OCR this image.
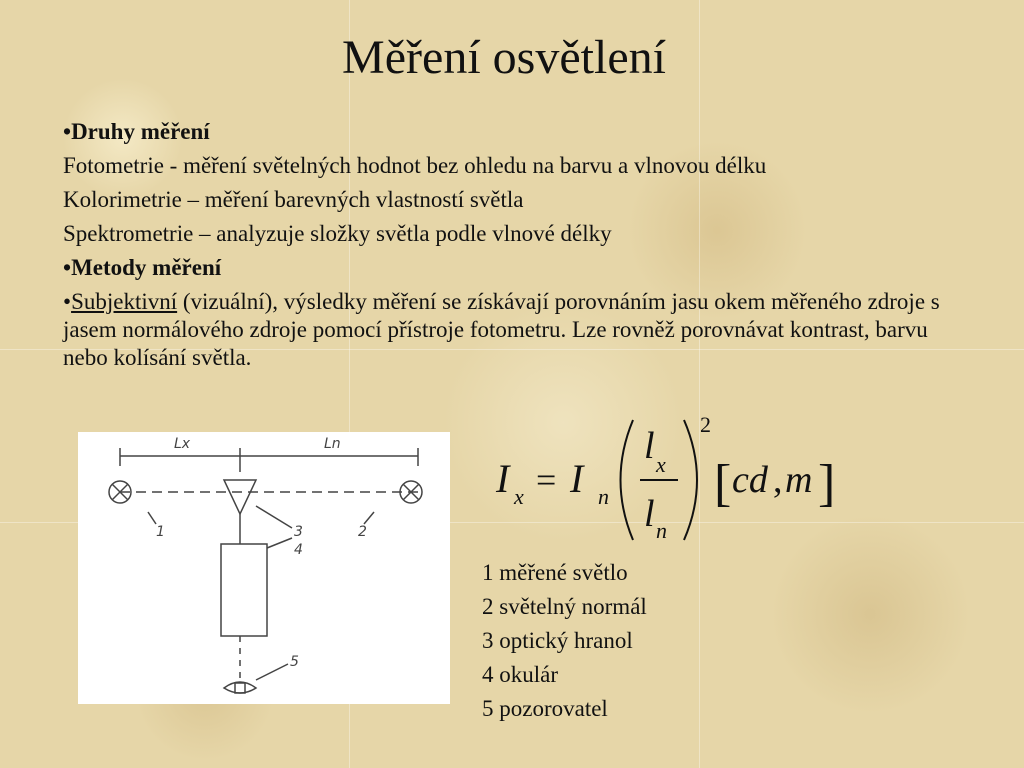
Měření osvětlení
• Druhy měření
Fotometrie - měření světelných hodnot bez ohledu na barvu a vlnovou délku
Kolorimetrie – měření barevných vlastností světla
Spektrometrie – analyzuje složky světla podle vlnové délky
• Metody měření
• Subjektivní (vizuální), výsledky měření se získávají porovnáním jasu okem měřeného zdroje s jasem normálového zdroje pomocí přístroje fotometru. Lze rovněž porovnávat kontrast, barvu nebo kolísání světla.
Lx	Ln
1	2
3
4
5
I x = I n
l x
l n
2
[ cd , m ]
1 měřené světlo
2 světelný normál
3 optický hranol
4 okulár
5 pozorovatel
